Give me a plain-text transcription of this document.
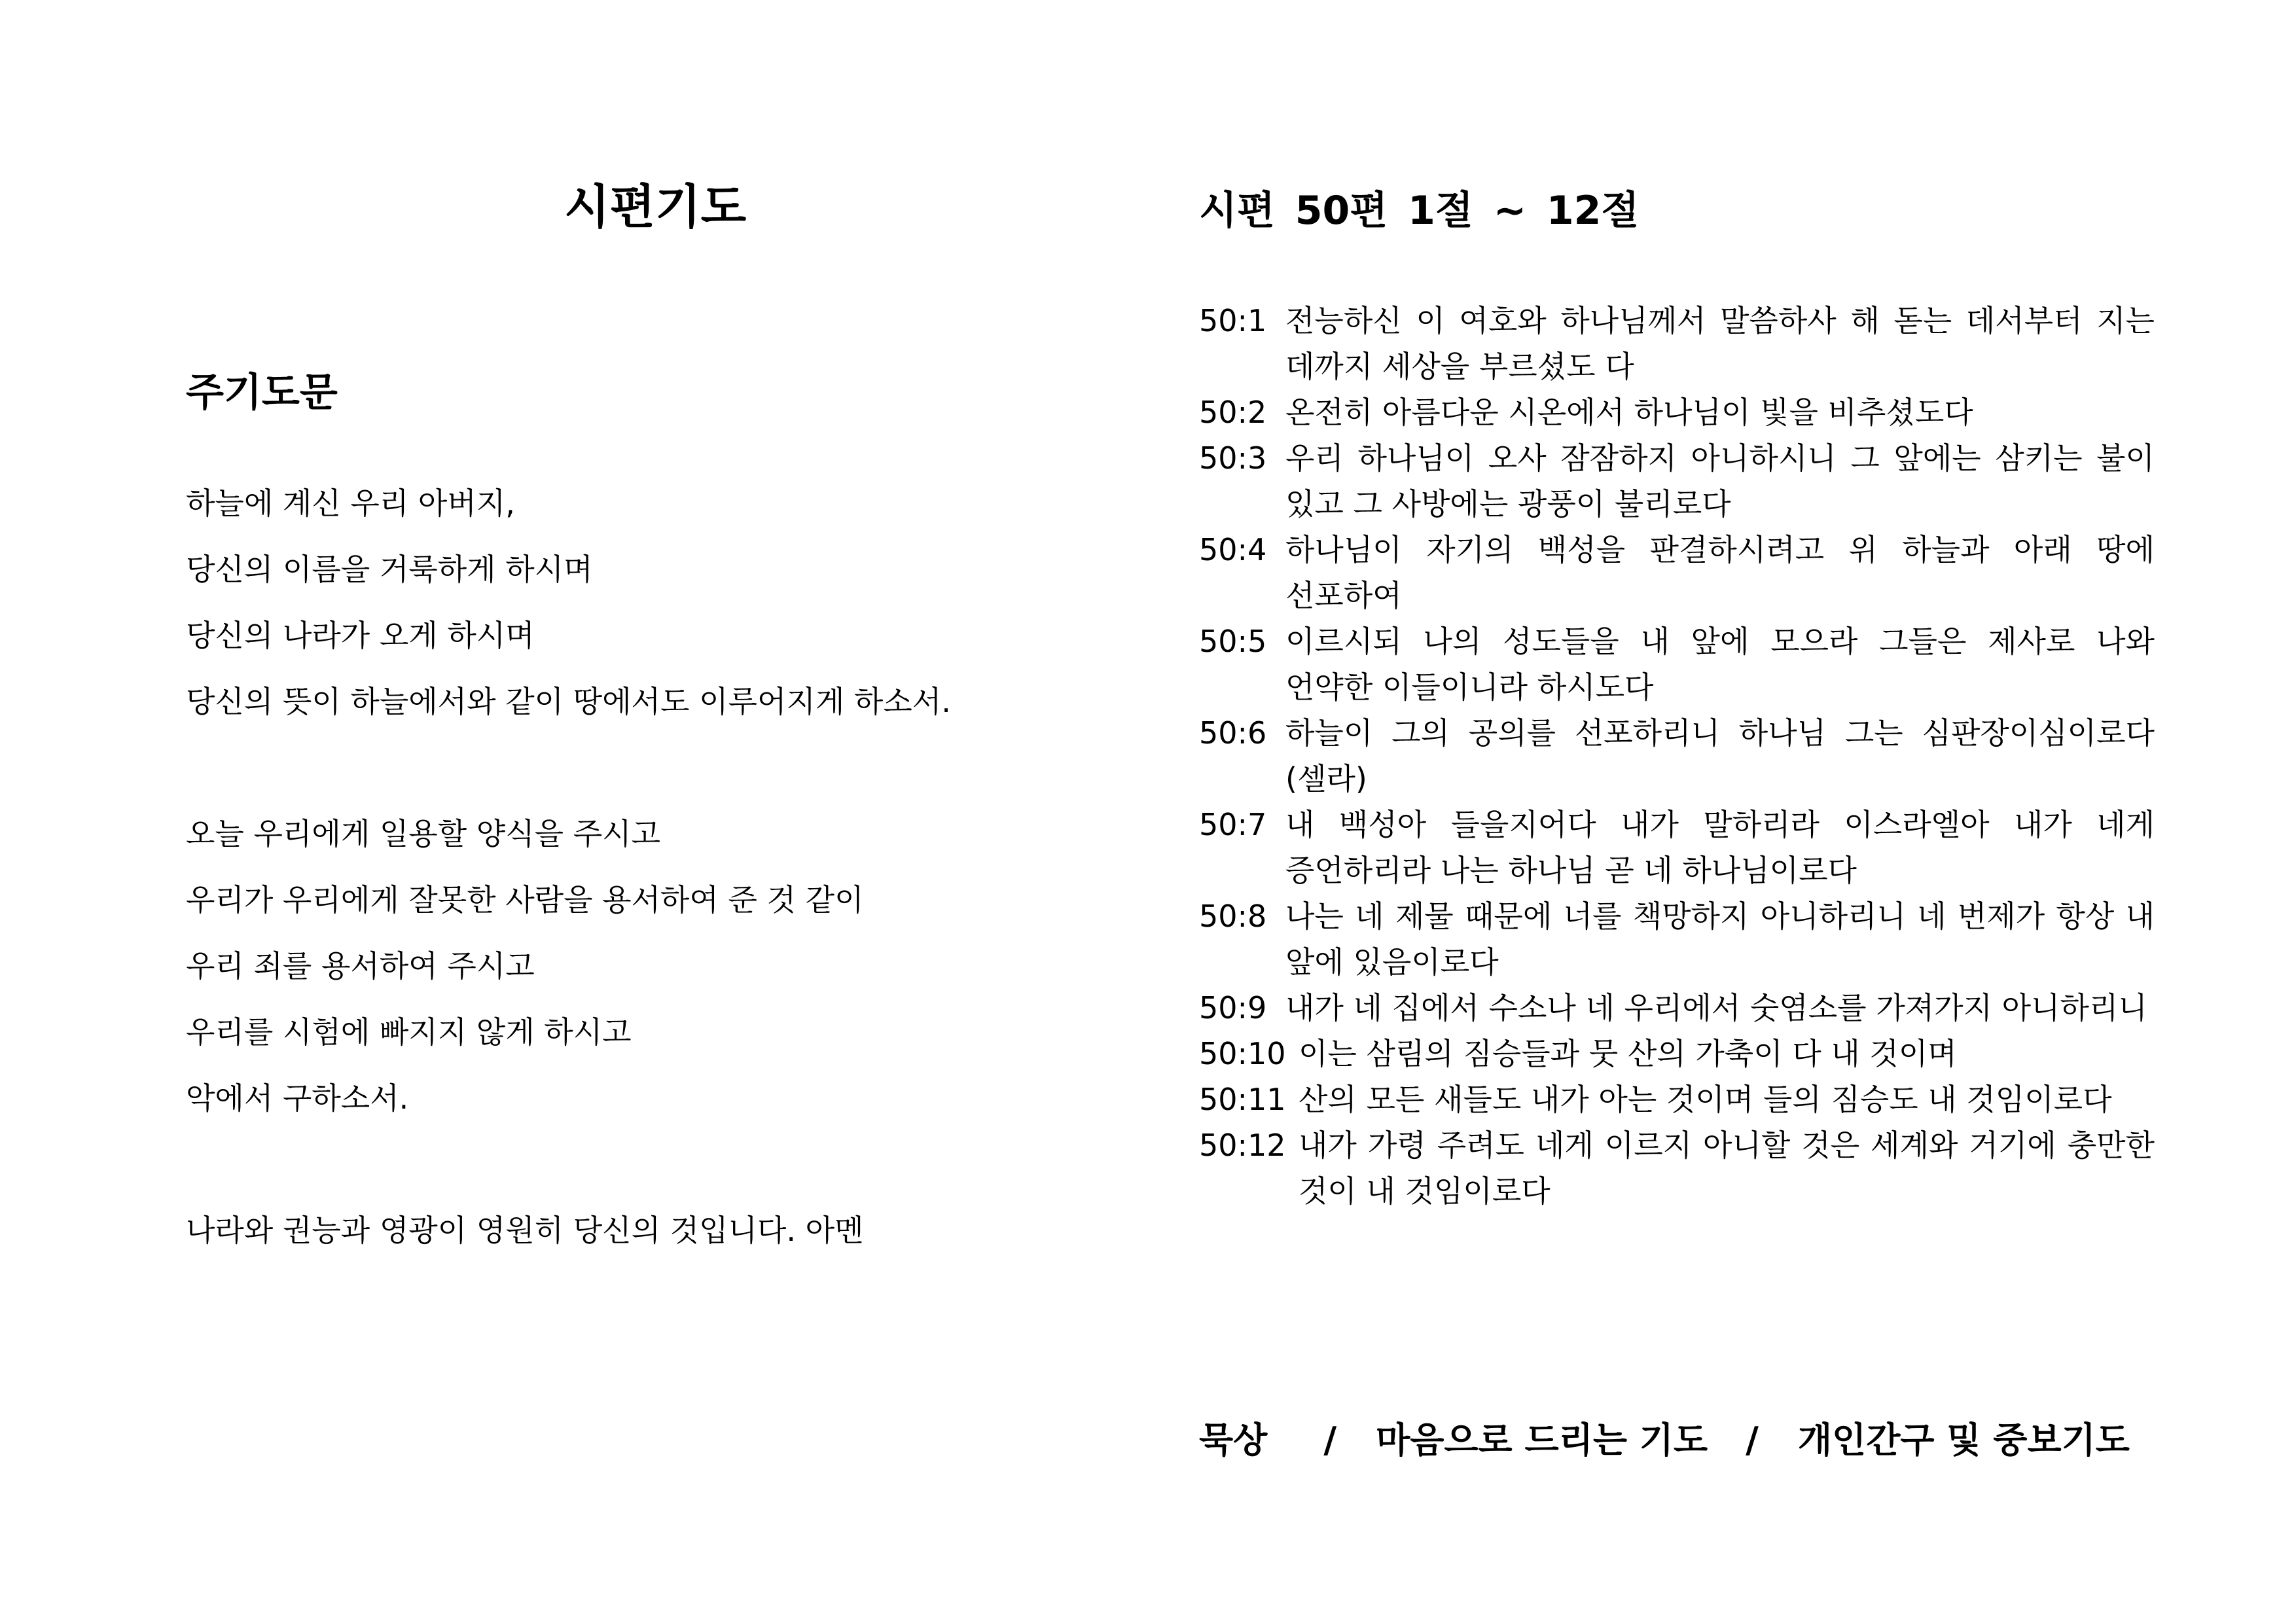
시편기도
주기도문
하늘에 계신 우리 아버지,
당신의 이름을 거룩하게 하시며
당신의 나라가 오게 하시며
당신의 뜻이 하늘에서와 같이 땅에서도 이루어지게 하소서.
오늘 우리에게 일용할 양식을 주시고
우리가 우리에게 잘못한 사람을 용서하여 준 것 같이
우리 죄를 용서하여 주시고
우리를 시험에 빠지지 않게 하시고
악에서 구하소서.
나라와 권능과 영광이 영원히 당신의 것입니다. 아멘
시편 50편 1절 ~ 12절
50:1 전능하신 이 여호와 하나님께서 말씀하사 해 돋는 데서부터 지는 데까지 세상을 부르셨도 다
50:2 온전히 아름다운 시온에서 하나님이 빛을 비추셨도다
50:3 우리 하나님이 오사 잠잠하지 아니하시니 그 앞에는 삼키는 불이 있고 그 사방에는 광풍이 불리로다
50:4 하나님이 자기의 백성을 판결하시려고 위 하늘과 아래 땅에 선포하여
50:5 이르시되 나의 성도들을 내 앞에 모으라 그들은 제사로 나와 언약한 이들이니라 하시도다
50:6 하늘이 그의 공의를 선포하리니 하나님 그는 심판장이심이로다 (셀라)
50:7 내 백성아 들을지어다 내가 말하리라 이스라엘아 내가 네게 증언하리라 나는 하나님 곧 네 하나님이로다
50:8 나는 네 제물 때문에 너를 책망하지 아니하리니 네 번제가 항상 내 앞에 있음이로다
50:9 내가 네 집에서 수소나 네 우리에서 숫염소를 가져가지 아니하리니
50:10 이는 삼림의 짐승들과 뭇 산의 가축이 다 내 것이며
50:11 산의 모든 새들도 내가 아는 것이며 들의 짐승도 내 것임이로다
50:12 내가 가령 주려도 네게 이르지 아니할 것은 세계와 거기에 충만한 것이 내 것임이로다
묵상	/	마음으로 드리는 기도	/	개인간구 및 중보기도
